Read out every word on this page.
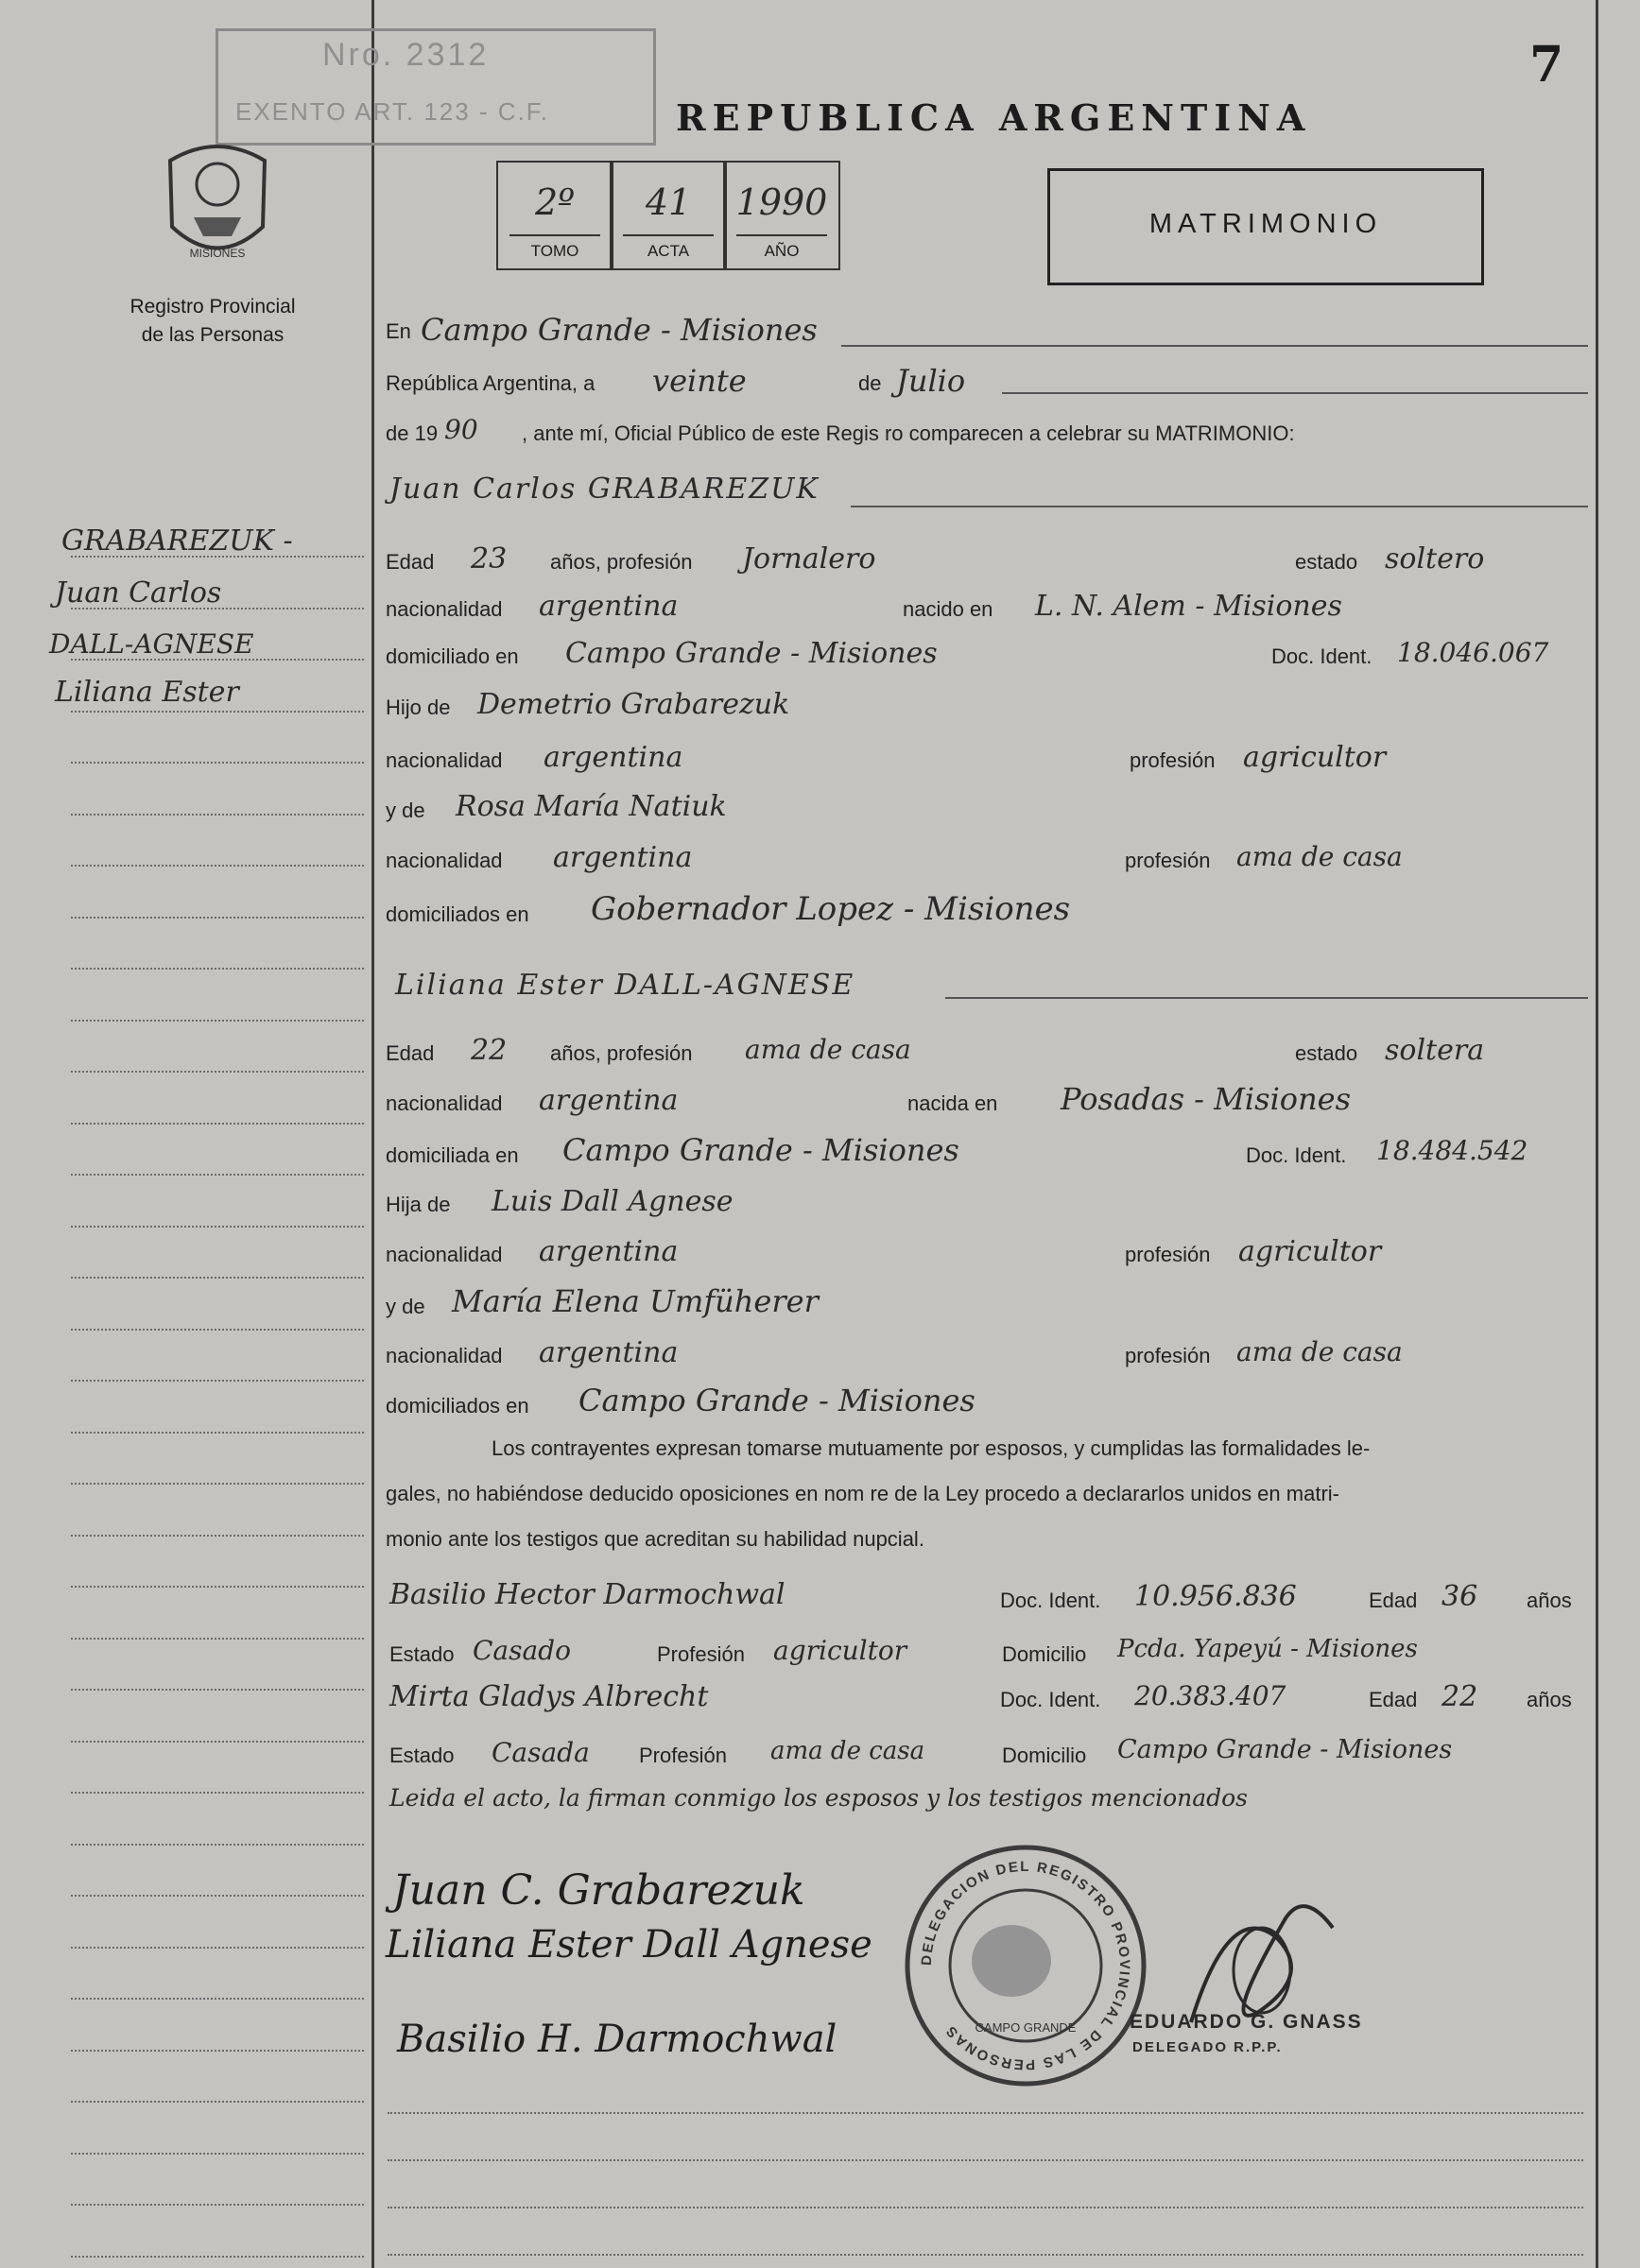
7
Nro. 2312
EXENTO ART. 123 - C.F.	REPUBLICA ARGENTINA
MATRIMONIO
MISIONES
Registro Provincial
de las Personas
2º
TOMO
41
ACTA
1990
AÑO
GRABAREZUK -
Juan Carlos
DALL-AGNESE
Liliana Ester
En Campo Grande - Misiones
República Argentina, a veinte	de Julio
de 19 90 , ante mí, Oficial Público de este Regis ro comparecen a celebrar su MATRIMONIO:
Juan Carlos GRABAREZUK
Edad 23 años, profesión Jornalero	estado soltero
nacionalidad argentina	nacido en L. N. Alem - Misiones
domiciliado en Campo Grande - Misiones	Doc. Ident. 18.046.067
Hijo de Demetrio Grabarezuk
nacionalidad argentina	profesión agricultor
y de Rosa María Natiuk
nacionalidad argentina	profesión ama de casa
domiciliados en Gobernador Lopez - Misiones
Liliana Ester DALL-AGNESE
Edad 22 años, profesión ama de casa	estado soltera
nacionalidad argentina	nacida en Posadas - Misiones
domiciliada en Campo Grande - Misiones	Doc. Ident. 18.484.542
Hija de Luis Dall Agnese
nacionalidad argentina	profesión agricultor
y de María Elena Umfüherer
nacionalidad argentina	profesión ama de casa
domiciliados en Campo Grande - Misiones
Los contrayentes expresan tomarse mutuamente por esposos, y cumplidas las formalidades le-
gales, no habiéndose deducido oposiciones en nom re de la Ley procedo a declararlos unidos en matri-
monio ante los testigos que acreditan su habilidad nupcial.
Basilio Hector Darmochwal	Doc. Ident. 10.956.836	Edad 36 años
Estado Casado	Profesión agricultor	Domicilio Pcda. Yapeyú - Misiones
Mirta Gladys Albrecht	Doc. Ident. 20.383.407	Edad 22 años
Estado Casada Profesión ama de casa	Domicilio Campo Grande - Misiones
Leida el acto, la firman conmigo los esposos y los testigos mencionados
Juan C. Grabarezuk
Liliana Ester Dall Agnese
Basilio H. Darmochwal
DELEGACION DEL REGISTRO PROVINCIAL DE LAS PERSONAS	CAMPO GRANDE	EDUARDO G. GNASS
DELEGADO R.P.P.
